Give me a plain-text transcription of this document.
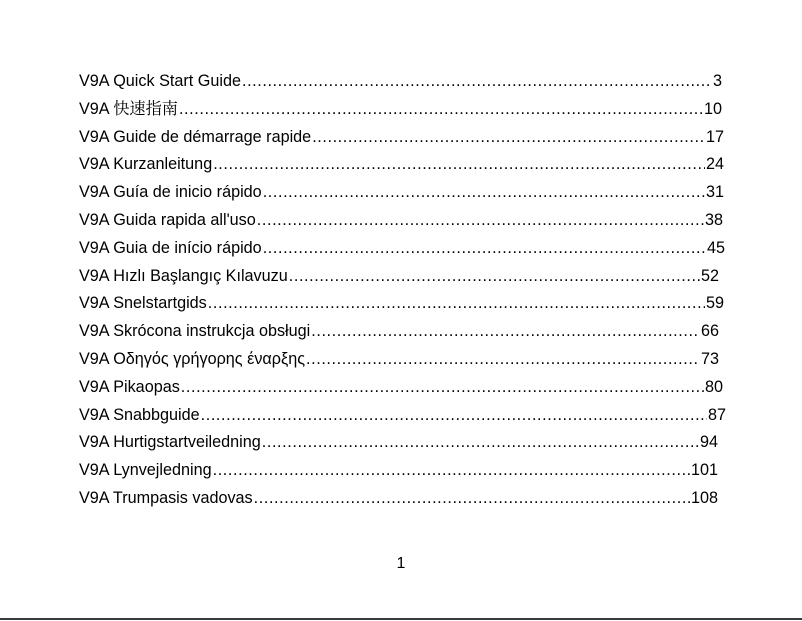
V9A Quick Start Guide .....	3
V9A 快速指南 .....	10
V9A Guide de démarrage rapide .....	17
V9A Kurzanleitung .....	24
V9A Guía de inicio rápido .....	31
V9A Guida rapida all'uso .....	38
V9A Guia de início rápido .....	45
V9A Hızlı Başlangıç Kılavuzu .....	52
V9A Snelstartgids .....	59
V9A Skrócona instrukcja obsługi .....	66
V9A Οδηγός γρήγορης έναρξης .....	73
V9A Pikaopas .....	80
V9A Snabbguide .....	87
V9A Hurtigstartveiledning .....	94
V9A Lynvejledning .....	101
V9A Trumpasis vadovas .....	108
1
